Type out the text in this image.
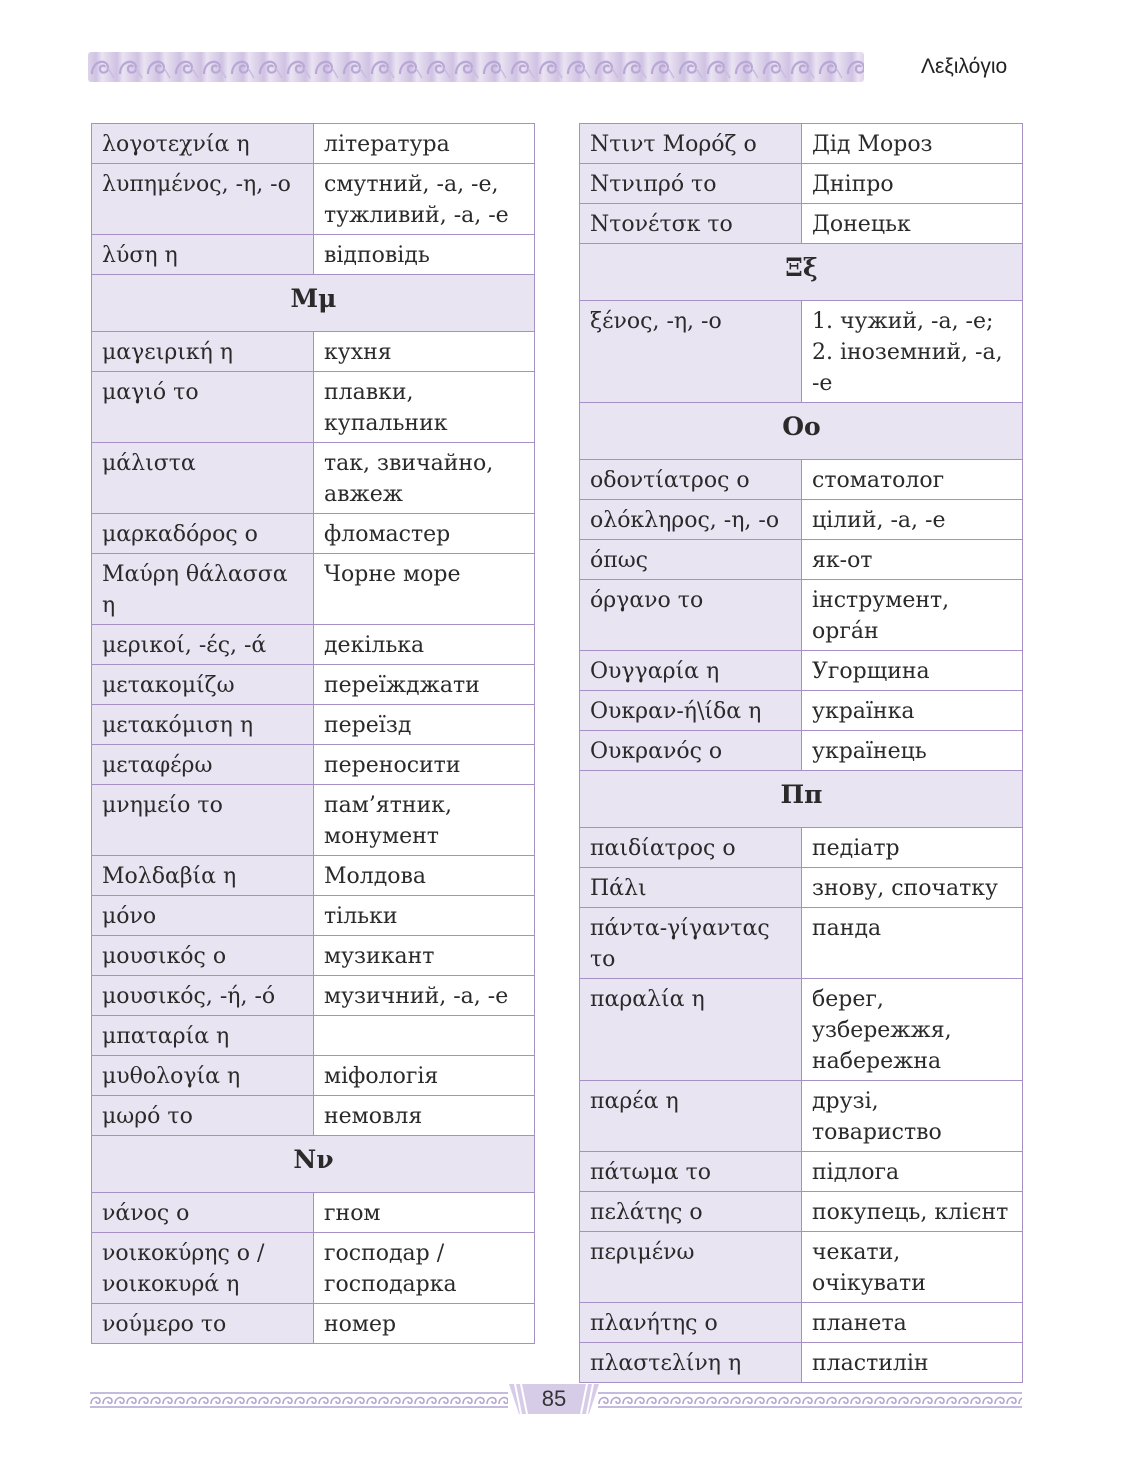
Λεξιλόγιο
λογοτεχνία η	література
λυπημένος, -η, -ο	смутний, -а, -е, тужливий, -а, -е
λύση η	відповідь
Μμ	
μαγειρική η	кухня
μαγιό το	плавки, купальник
μάλιστα	так, звичайно, авжеж
μαρκαδόρος ο	фломастер
Μαύρη θάλασσα η	Чорне море
μερικοί, -ές, -ά	декілька
μετακομίζω	переїжджати
μετακόμιση η	переїзд
μεταφέρω	переносити
μνημείο το	пам’ятник, монумент
Μολδαβία η	Молдова
μόνο	тільки
μουσικός ο	музикант
μουσικός, -ή, -ό	музичний, -а, -е
μπαταρία η	
μυθολογία η	міфологія
μωρό το	немовля
Νν	
νάνος ο	гном
νοικοκύρης ο / νοικοκυρά η	господар / господарка
νούμερο το	номер
Ντιντ Μορόζ ο	Дід Мороз
Ντνιπρό το	Дніпро
Ντονέτσκ το	Донецьк
Ξξ	
ξένος, -η, -ο	1. чужий, -а, -е; 2. іноземний, -а, -е
Οο	
οδοντίατρος ο	стоматолог
ολόκληρος, -η, -ο	цілий, -а, -е
όπως	як-от
όργανο το	інструмент, орга́н
Ουγγαρία η	Угорщина
Ουκραν-ή\ίδα η	українка
Ουκρανός ο	українець
Ππ	
παιδίατρος ο	педіатр
Πάλι	знову, спочатку
πάντα-γίγαντας το	панда
παραλία η	берег, узбережжя, набережна
παρέα η	друзі, товариство
πάτωμα το	підлога
πελάτης ο	покупець, клієнт
περιμένω	чекати, очікувати
πλανήτης ο	планета
πλαστελίνη η	пластилін
85
